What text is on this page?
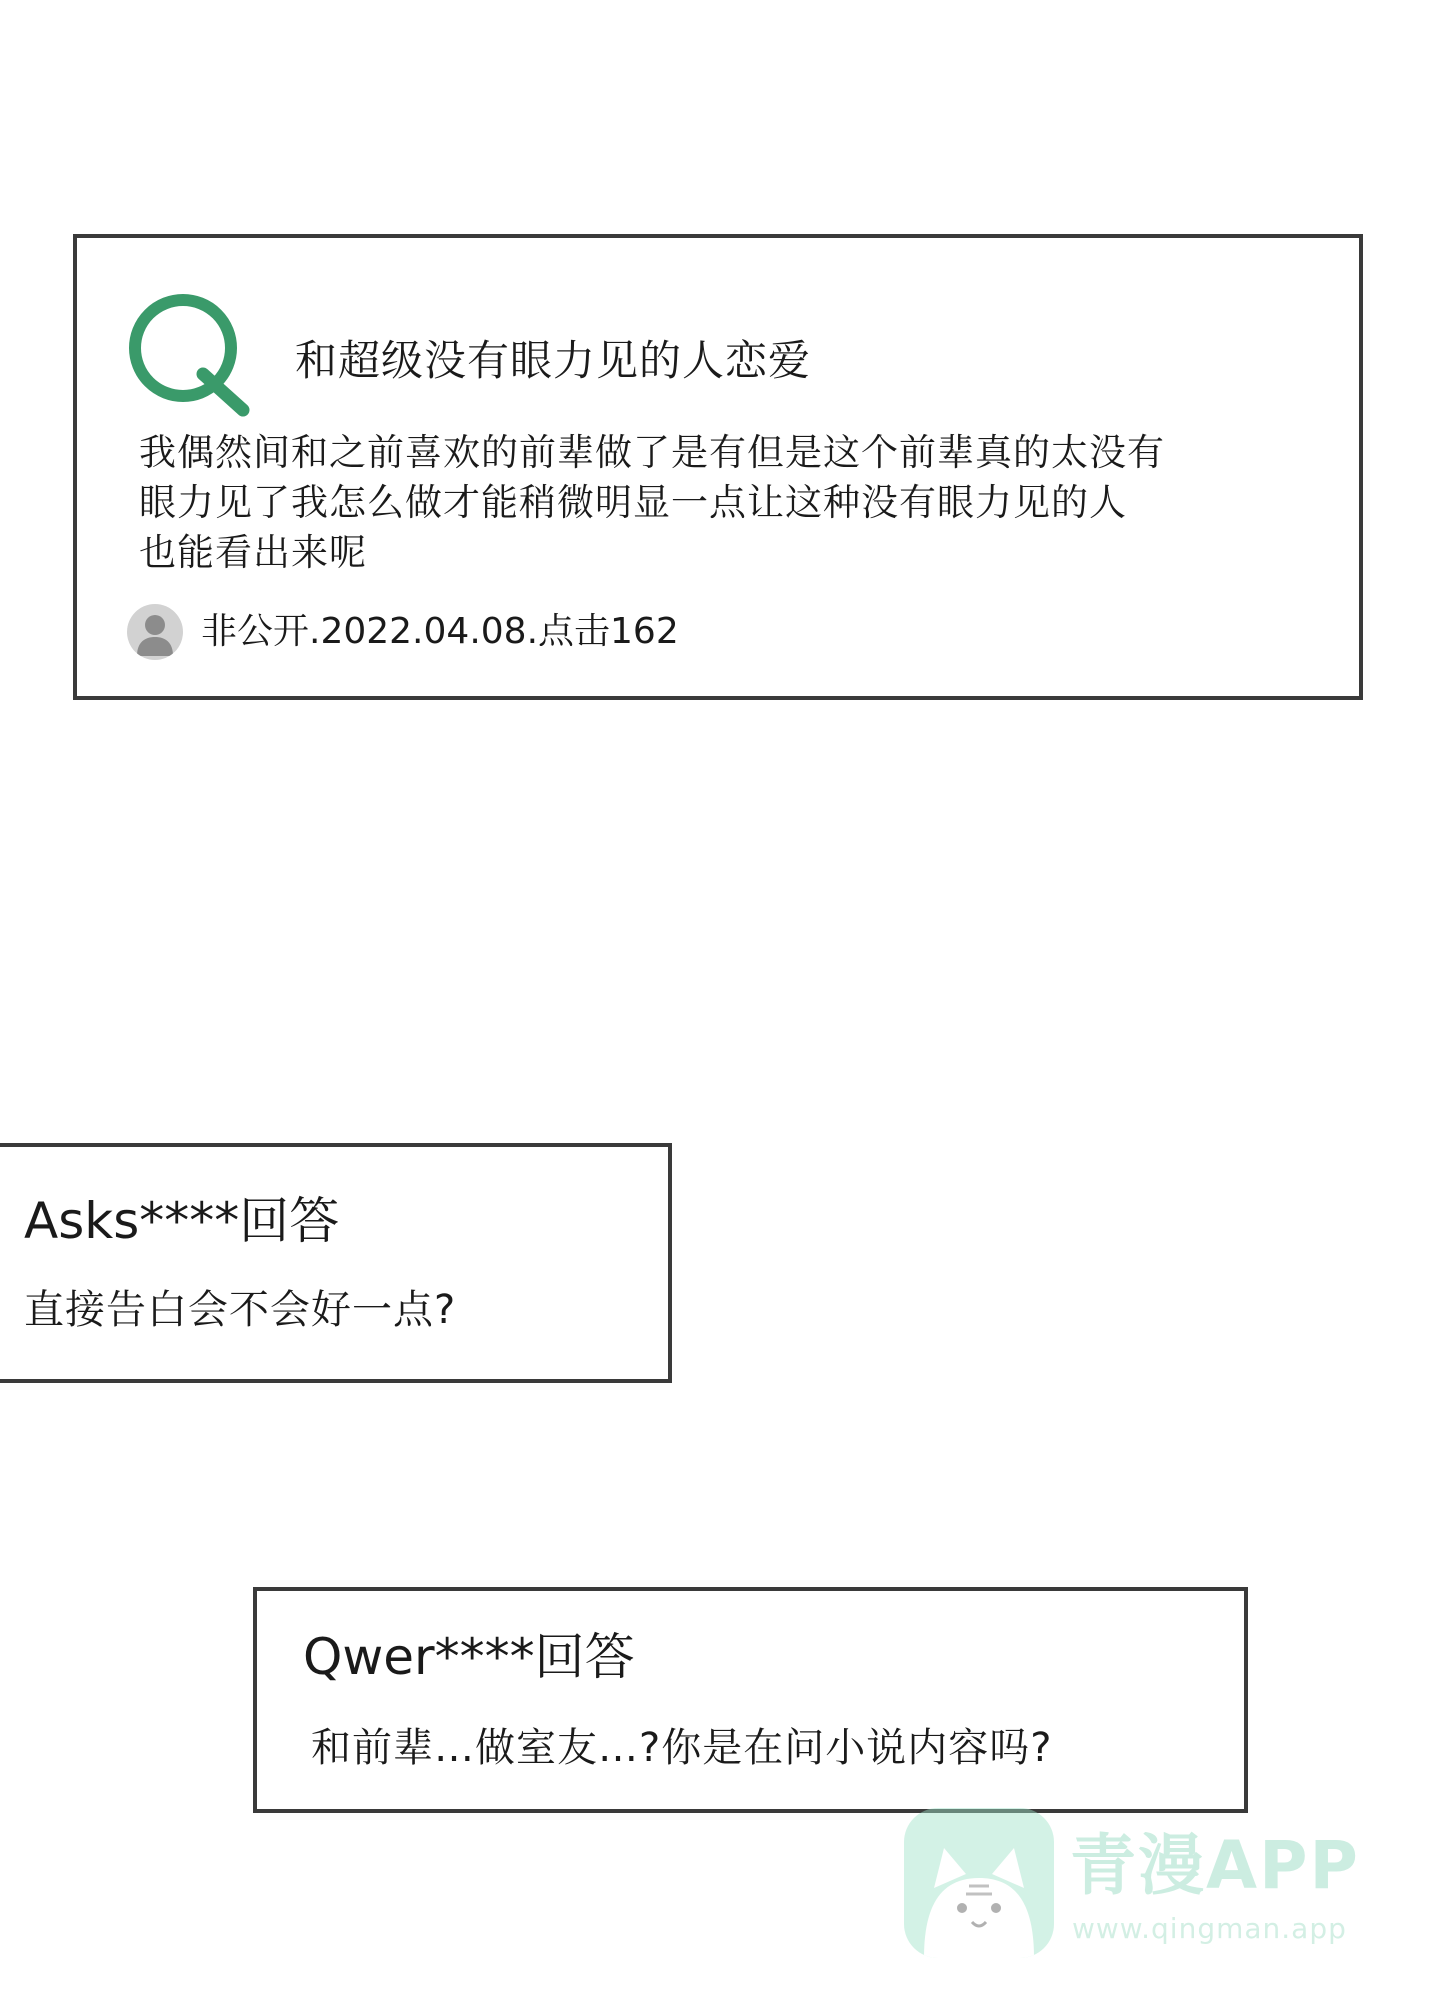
和超级没有眼力见的人恋爱
我偶然间和之前喜欢的前辈做了是有但是这个前辈真的太没有
眼力见了我怎么做才能稍微明显一点让这种没有眼力见的人
也能看出来呢
非公开.2022.04.08.点击162
Asks****回答
直接告白会不会好一点?
Qwer****回答
和前辈…做室友…?你是在问小说内容吗?
青漫APP
www.qingman.app
